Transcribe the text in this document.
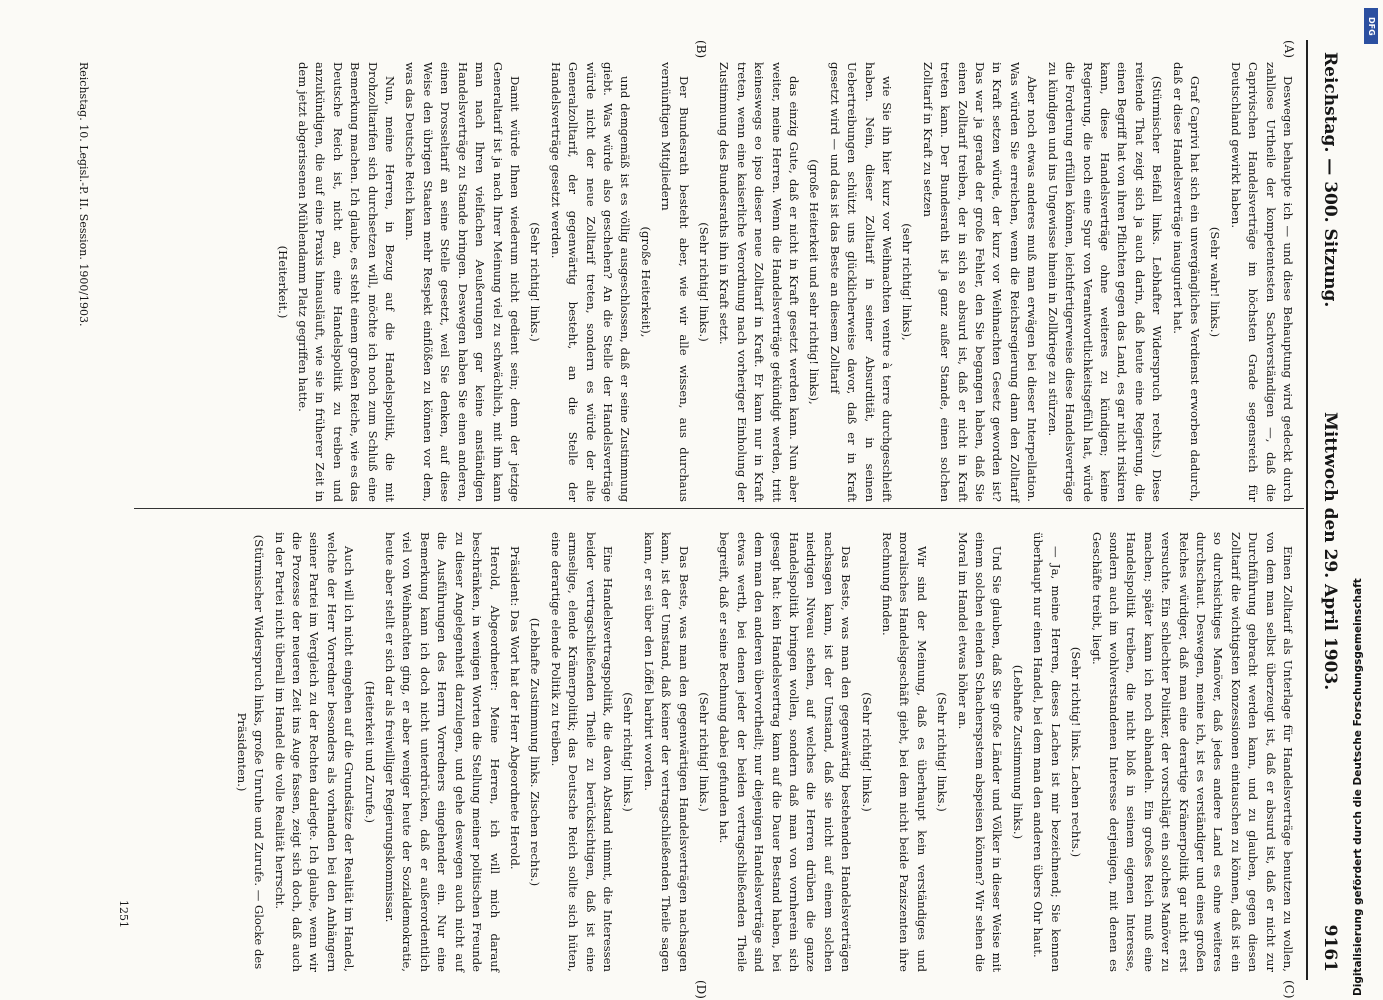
Reichstag. — 300. Sitzung.
Mittwoch den 29. April 1903.
9161
(A)
(B)
(C)
(D)

Deswegen behaupte ich — und diese Behauptung wird gedeckt durch zahllose Urtheile der kompetentesten Sachverständigen —, daß die Caprivischen Handelsverträge im höchsten Grade segensreich für Deutschland gewirkt haben.

(Sehr wahr! links.)

Graf Caprivi hat sich ein unvergängliches Verdienst erworben dadurch, daß er diese Handelsverträge inauguriert hat.

(Stürmischer Beifall links. Lebhafter Widerspruch rechts.) Diese reitende That zeigt sich ja auch darin, daß heute eine Regierung, die einen Begriff hat von ihren Pflichten gegen das Land, es gar nicht riskiren kann, diese Handelsverträge ohne weiteres zu kündigen; keine Regierung, die noch eine Spur von Verantwortlichkeitsgefühl hat, würde die Forderung erfüllen können, leichtfertigerweise diese Handelsverträge zu kündigen und ins Ungewisse hinein in Zollkriege zu stürzen.

Aber noch etwas anderes muß man erwägen bei dieser Interpellation. Was würden Sie erreichen, wenn die Reichsregierung dann den Zolltarif in Kraft setzen würde, der kurz vor Weihnachten Gesetz geworden ist? Das war ja gerade der große Fehler, den Sie begangen haben, daß Sie einen Zolltarif treiben, der in sich so absurd ist, daß er nicht in Kraft treten kann. Der Bundesrath ist ja ganz außer Stande, einen solchen Zolltarif in Kraft zu setzen

(sehr richtig! links),

wie Sie ihn hier kurz vor Weihnachten ventre à terre durchgeschleift haben. Nein, dieser Zolltarif in seiner Absurdität, in seinen Uebertreibungen schützt uns glücklicherweise davor, daß er in Kraft gesetzt wird — und das ist das Beste an diesem Zolltarif

(große Heiterkeit und sehr richtig! links),

das einzig Gute, daß er nicht in Kraft gesetzt werden kann. Nun aber weiter, meine Herren. Wenn die Handelsverträge gekündigt werden, tritt keineswegs eo ipso dieser neue Zolltarif in Kraft. Er kann nur in Kraft treten, wenn eine kaiserliche Verordnung nach vorheriger Einholung der Zustimmung des Bundesraths ihn in Kraft setzt.

(Sehr richtig! links.)

Der Bundesrath besteht aber, wie wir alle wissen, aus durchaus vernünftigen Mitgliedern

(große Heiterkeit),

und demgemäß ist es völlig ausgeschlossen, daß er seine Zustimmung giebt. Was würde also geschehen? An die Stelle der Handelsverträge würde nicht der neue Zolltarif treten, sondern es würde der alte Generalzolltarif, der gegenwärtig besteht, an die Stelle der Handelsverträge gesetzt werden.

(Sehr richtig! links.)

Damit würde Ihnen wiederum nicht gedient sein; denn der jetzige Generaltarif ist ja nach Ihrer Meinung viel zu schwächlich, mit ihm kann man nach Ihren vielfachen Aeußerungen gar keine anständigen Handelsverträge zu Stande bringen. Deswegen haben Sie einen anderen, einen Drosseltarif an seine Stelle gesetzt, weil Sie denken, auf diese Weise den übrigen Staaten mehr Respekt einflößen zu können vor dem, was das Deutsche Reich kann.

Nun, meine Herren, in Bezug auf die Handelspolitik, die mit Drohzolltarifen sich durchsetzen will, möchte ich noch zum Schluß eine Bemerkung machen. Ich glaube, es steht einem großen Reiche, wie es das Deutsche Reich ist, nicht an, eine Handelspolitik zu treiben und anzukündigen, die auf eine Praxis hinausläuft, wie sie in früherer Zeit in dem jetzt abgerissenen Mühlendamm Platz gegriffen hatte.

(Heiterkeit.)

Einen Zolltarif als Unterlage für Handelsverträge benutzen zu wollen, von dem man selbst überzeugt ist, daß er absurd ist, daß er nicht zur Durchführung gebracht werden kann, und zu glauben, gegen diesen Zolltarif die wichtigsten Konzessionen eintauschen zu können, daß ist ein so durchsichtiges Manöver, daß jedes andere Land es ohne weiteres durchschaut. Deswegen, meine ich, ist es verständiger und eines großen Reiches würdiger, daß man eine derartige Krämerpolitik gar nicht erst versuchte. Ein schlechter Politiker, der vorschlägt ein solches Manöver zu machen; später kann ich noch abhandeln. Ein großes Reich muß eine Handelspolitik treiben, die nicht bloß in seinem eigenen Interesse, sondern auch im wohlverstandenen Interesse derjenigen, mit denen es Geschäfte treibt, liegt.

(Sehr richtig! links. Lachen rechts.)

— Ja, meine Herren, dieses Lachen ist mir bezeichnend; Sie kennen überhaupt nur einen Handel, bei dem man den anderen übers Ohr haut.

(Lebhafte Zustimmung links.)

Und Sie glauben, daß Sie große Länder und Völker in dieser Weise mit einem solchen elenden Schacherspstem abspeisen können? Wir sehen die Moral im Handel etwas höher an.

(Sehr richtig! links.)

Wir sind der Meinung, daß es überhaupt kein verständiges und moralisches Handelsgeschäft giebt, bei dem nicht beide Paziszenten ihre Rechnung finden.

(Sehr richtig! links.)

Das Beste, was man den gegenwärtig bestehenden Handelsverträgen nachsagen kann, ist der Umstand, daß sie nicht auf einem solchen niedrigen Niveau stehen, auf welches die Herren drüben die ganze Handelspolitik bringen wollen, sondern daß man von vornherein sich gesagt hat: kein Handelsvertrag kann auf die Dauer Bestand haben, bei dem man den anderen übervortheilt; nur diejenigen Handelsverträge sind etwas werth, bei denen jeder der beiden vertragschließenden Theile begreift, daß er seine Rechnung dabei gefunden hat.

(Sehr richtig! links.)

Das Beste, was man den gegenwärtigen Handelsverträgen nachsagen kann, ist der Umstand, daß keiner der vertragschließenden Theile sagen kann, er sei über den Löffel barbirt worden.

(Sehr richtig! links.)

Eine Handelsvertragspolitik, die davon Abstand nimmt, die Interessen beider vertragschließenden Theile zu berücksichtigen, daß ist eine armselige, elende Krämerpolitik; das Deutsche Reich sollte sich hüten, eine derartige elende Politik zu treiben.

(Lebhafte Zustimmung links. Zischen rechts.)

Präsident: Das Wort hat der Herr Abgeordnete Herold.

Herold, Abgeordneter: Meine Herren, ich will mich darauf beschränken, in wenigen Worten die Stellung meiner politischen Freunde zu dieser Angelegenheit darzulegen, und gehe deswegen auch nicht auf die Ausführungen des Herrn Vorredners eingehender ein. Nur eine Bemerkung kann ich doch nicht unterdrücken, daß er außerordentlich viel von Weihnachten ging, er aber weniger heute der Sozialdemokratie, heute aber stellt er sich dar als freiwilliger Regierungskommissar.

(Heiterkeit und Zurufe.)

Auch will ich nicht eingehen auf die Grundsätze der Realität im Handel, welche der Herr Vorredner besonders als vorhanden bei den Anhängern seiner Partei im Vergleich zu der Rechten darlegte. Ich glaube, wenn wir die Prozesse der neueren Zeit ins Auge fassen, zeigt sich doch, daß auch in der Partei nicht überall im Handel die volle Realität herrscht.

(Stürmischer Widerspruch links, große Unruhe und Zurufe. — Glocke des Präsidenten.)

Reichstag. 10. Legisl.-P. II. Session. 1900/1903.
1251	Digitalisierung gefördert durch die Deutsche Forschungsgemeinschaft
DFG
